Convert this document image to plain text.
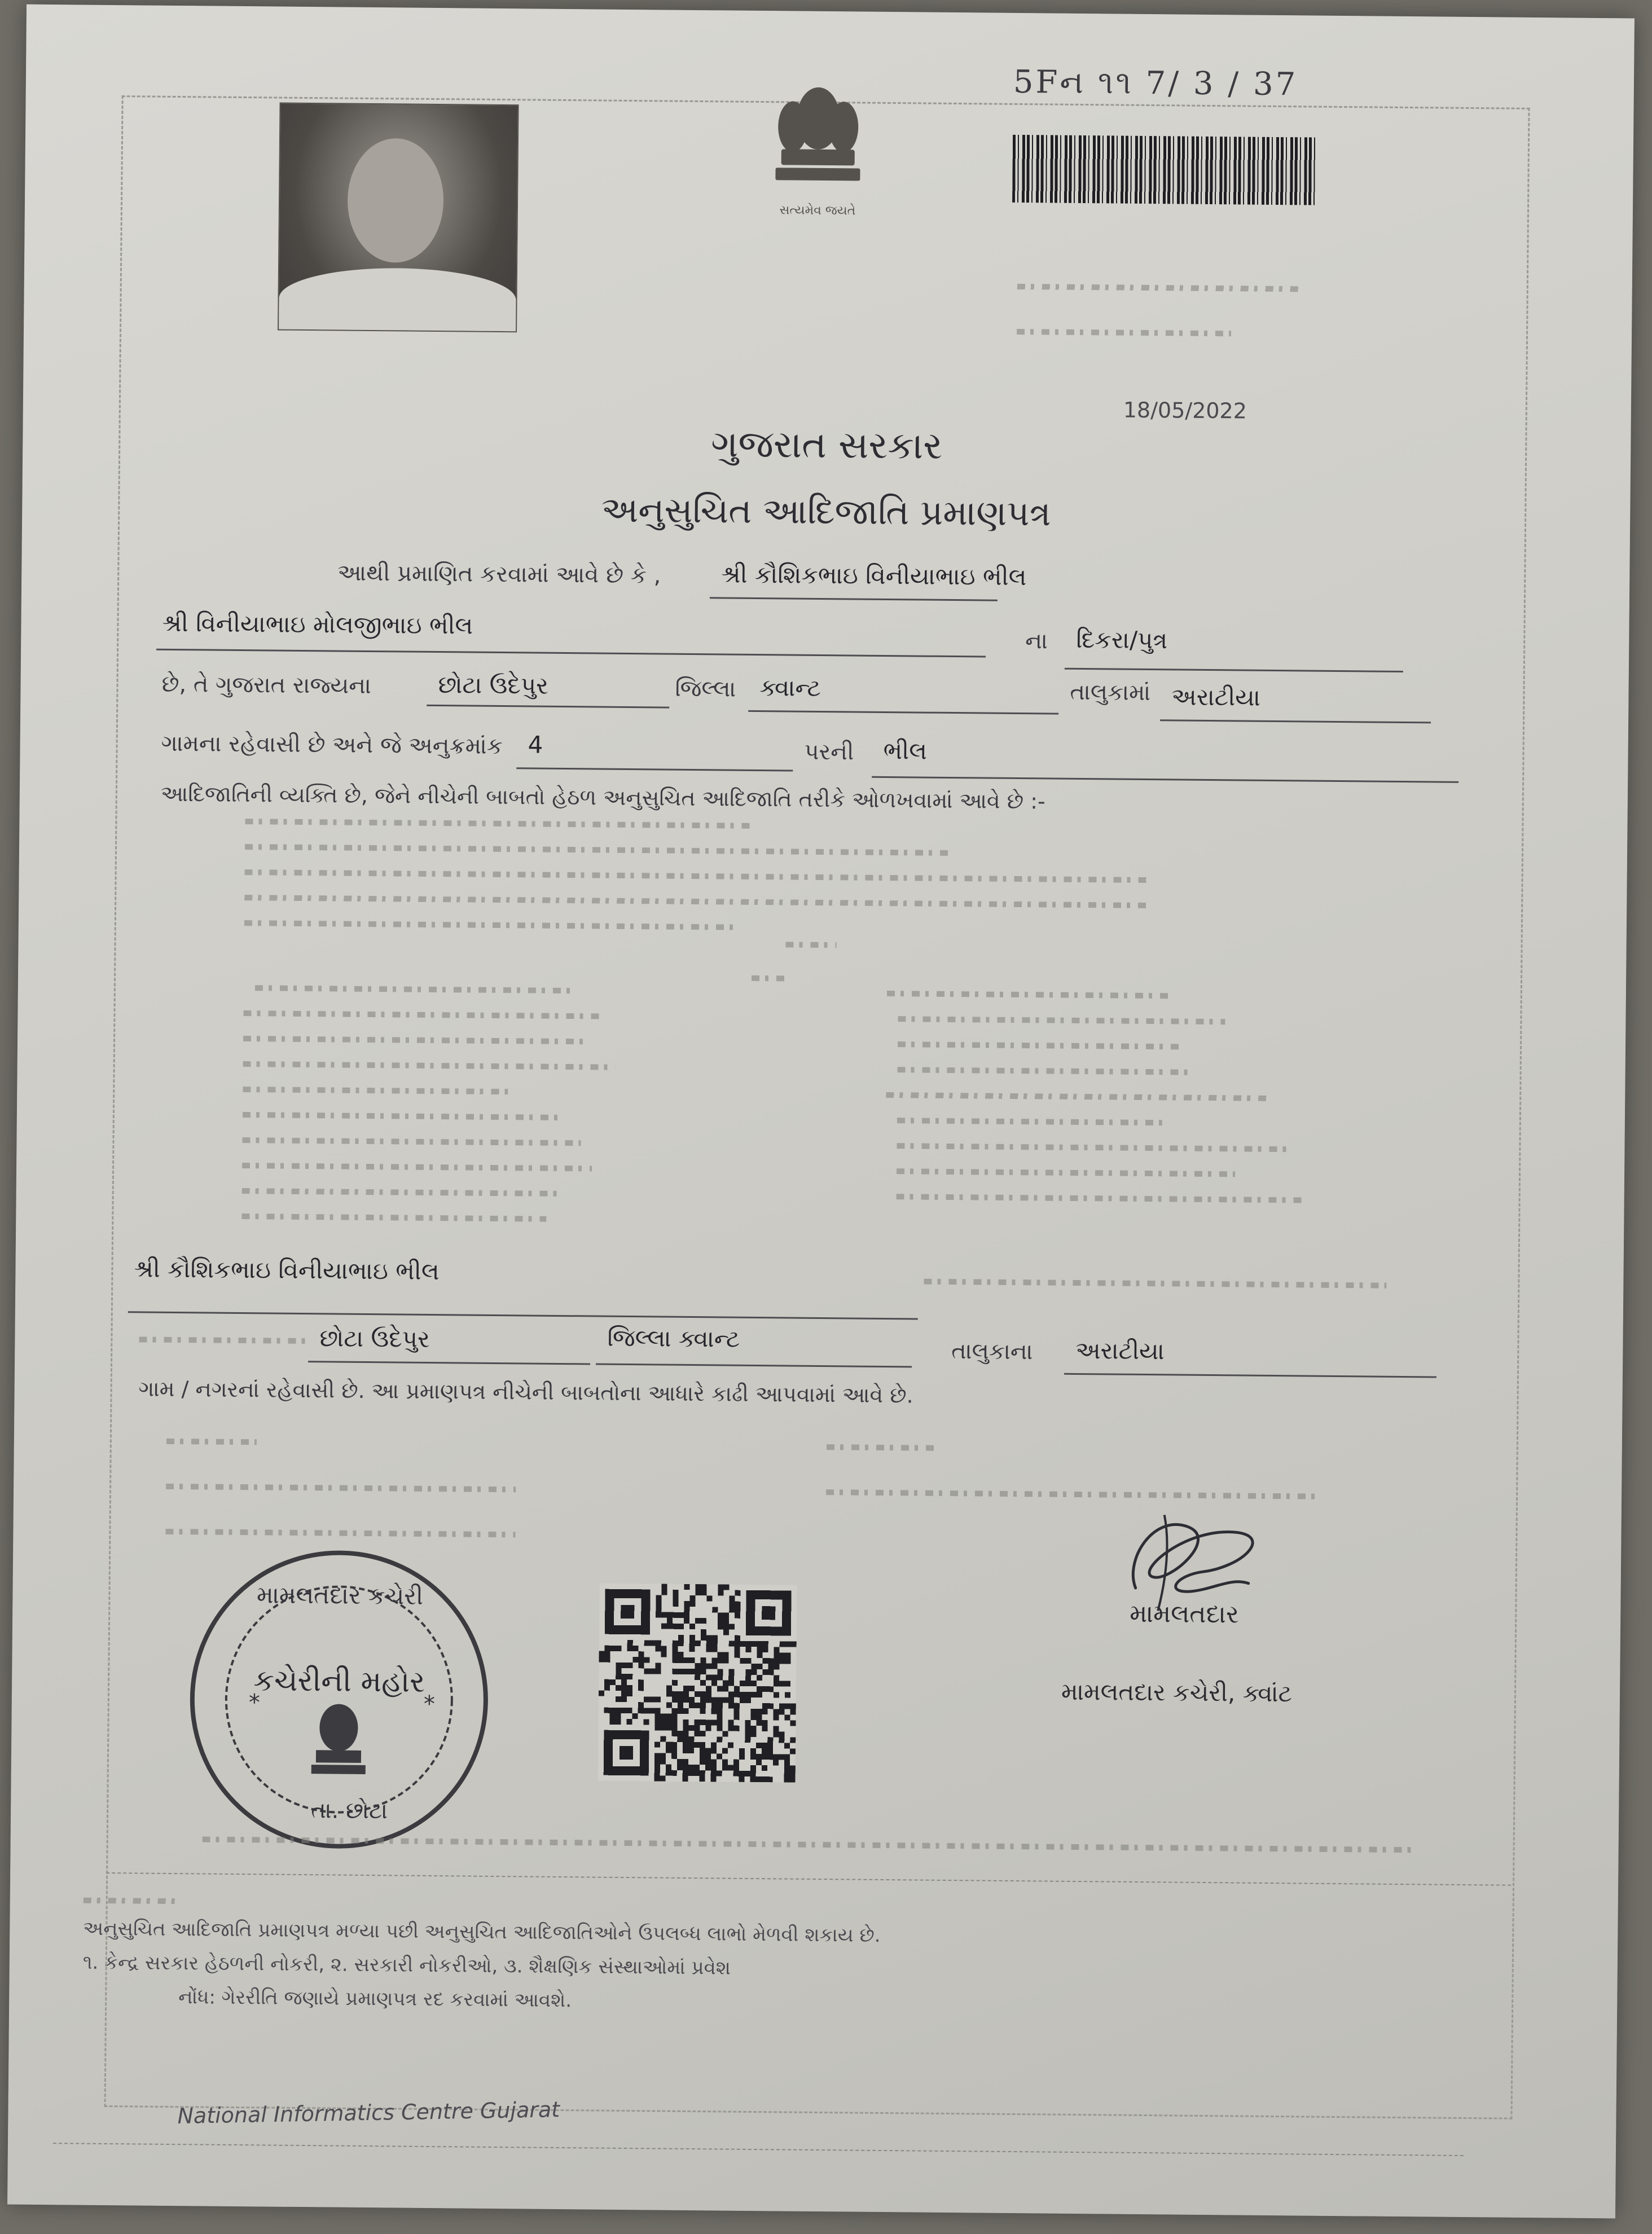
સત્યમેવ જયતે
5Fન ૧૧ 7/ 3 / 37
18/05/2022
ગુજરાત સરકાર
અનુસુચિત આદિજાતિ પ્રમાણપત્ર
આથી પ્રમાણિત કરવામાં આવે છે કે ,	શ્રી કૌશિકભાઇ વિનીયાભાઇ ભીલ
શ્રી વિનીયાભાઇ મોલજીભાઇ ભીલ
ના દિકરા/પુત્ર
છે, તે ગુજરાત રાજ્યના	છોટા ઉદેપુર	જિલ્લા ક્વાન્ટ	તાલુકામાં અરાટીયા
ગામના રહેવાસી છે અને જે અનુક્રમાંક 4	પરની ભીલ
આદિજાતિની વ્યક્તિ છે, જેને નીચેની બાબતો હેઠળ અનુસુચિત આદિજાતિ તરીકે ઓળખવામાં આવે છે :-
શ્રી કૌશિકભાઇ વિનીયાભાઇ ભીલ
છોટા ઉદેપુર	જિલ્લા ક્વાન્ટ	તાલુકાના અરાટીયા
ગામ / નગરનાં રહેવાસી છે. આ પ્રમાણપત્ર નીચેની બાબતોના આધારે કાઢી આપવામાં આવે છે.
મામલતદાર કચેરી
કચેરીની મહોર
*	*
તા. છોટા
મામલતદાર
મામલતદાર કચેરી, ક્વાંટ
અનુસુચિત આદિજાતિ પ્રમાણપત્ર મળ્યા પછી અનુસુચિત આદિજાતિઓને ઉપલબ્ધ લાભો મેળવી શકાય છે.
૧. કેન્દ્ર સરકાર હેઠળની નોકરી, ૨. સરકારી નોકરીઓ, ૩. શૈક્ષણિક સંસ્થાઓમાં પ્રવેશ
નોંધ: ગેરરીતિ જણાયે પ્રમાણપત્ર રદ કરવામાં આવશે.
National Informatics Centre Gujarat
